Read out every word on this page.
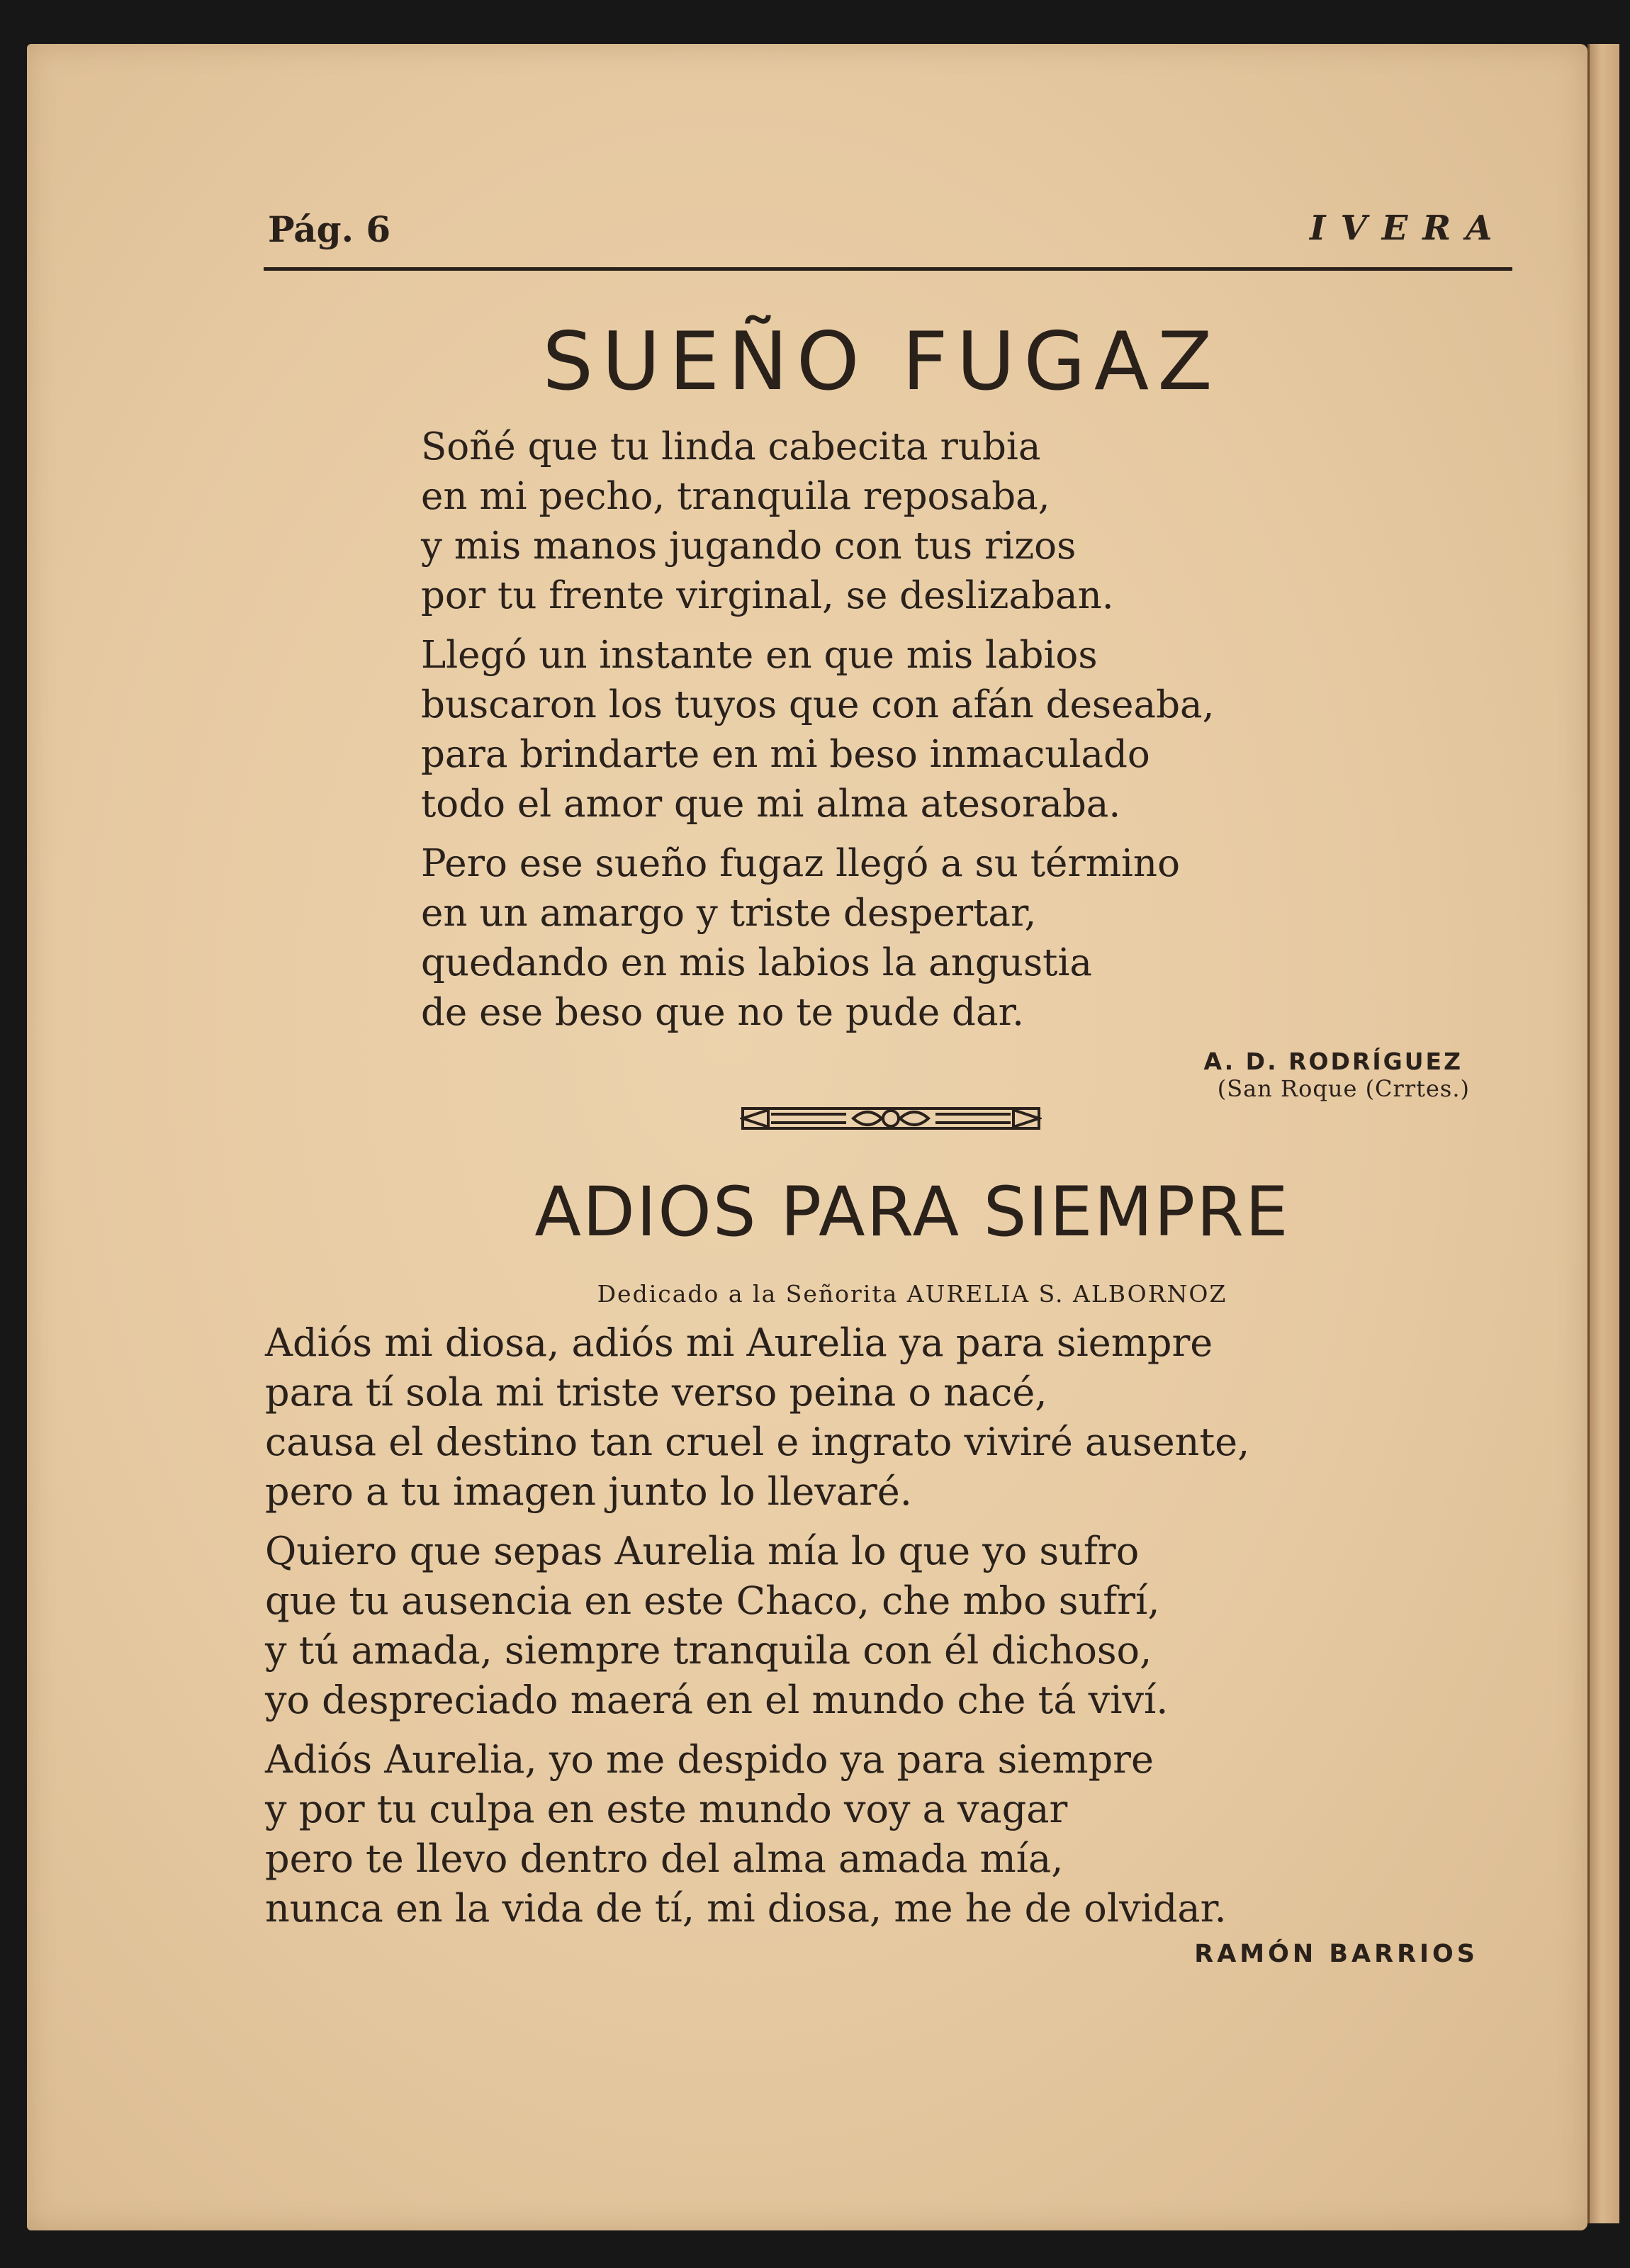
Pág. 6	IVERA
SUEÑO FUGAZ
Soñé que tu linda cabecita rubia
en mi pecho, tranquila reposaba,
y mis manos jugando con tus rizos
por tu frente virginal, se deslizaban.
Llegó un instante en que mis labios
buscaron los tuyos que con afán deseaba,
para brindarte en mi beso inmaculado
todo el amor que mi alma atesoraba.
Pero ese sueño fugaz llegó a su término
en un amargo y triste despertar,
quedando en mis labios la angustia
de ese beso que no te pude dar.
A. D. RODRÍGUEZ
(San Roque (Crrtes.)
ADIOS PARA SIEMPRE
Dedicado a la Señorita AURELIA S. ALBORNOZ
Adiós mi diosa, adiós mi Aurelia ya para siempre
para tí sola mi triste verso peina o nacé,
causa el destino tan cruel e ingrato viviré ausente,
pero a tu imagen junto lo llevaré.
Quiero que sepas Aurelia mía lo que yo sufro
que tu ausencia en este Chaco, che mbo sufrí,
y tú amada, siempre tranquila con él dichoso,
yo despreciado maerá en el mundo che tá viví.
Adiós Aurelia, yo me despido ya para siempre
y por tu culpa en este mundo voy a vagar
pero te llevo dentro del alma amada mía,
nunca en la vida de tí, mi diosa, me he de olvidar.
RAMÓN BARRIOS
